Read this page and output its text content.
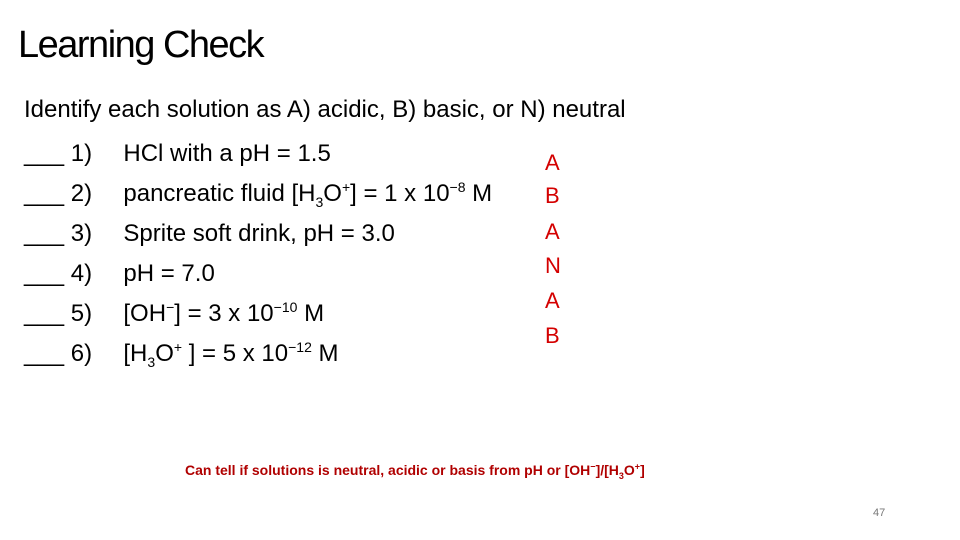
Learning Check
Identify each solution as A) acidic, B) basic, or N) neutral
___ 1) HCl with a pH = 1.5
___ 2) pancreatic fluid $[H_3O^+] = 1$ x $10^{-8}$ M
___ 3) Sprite soft drink, pH = 3.0
___ 4) pH = 7.0
___ 5) [OH−] = 3 x $10^{-10}$ M
___ 6) [$H_3O^+$ ] = 5 x $10^{-12}$ M
A
B
A
N
A
B
Can tell if solutions is neutral, acidic or basis from pH or $[OH^-]/[H_3O^+]$
47
